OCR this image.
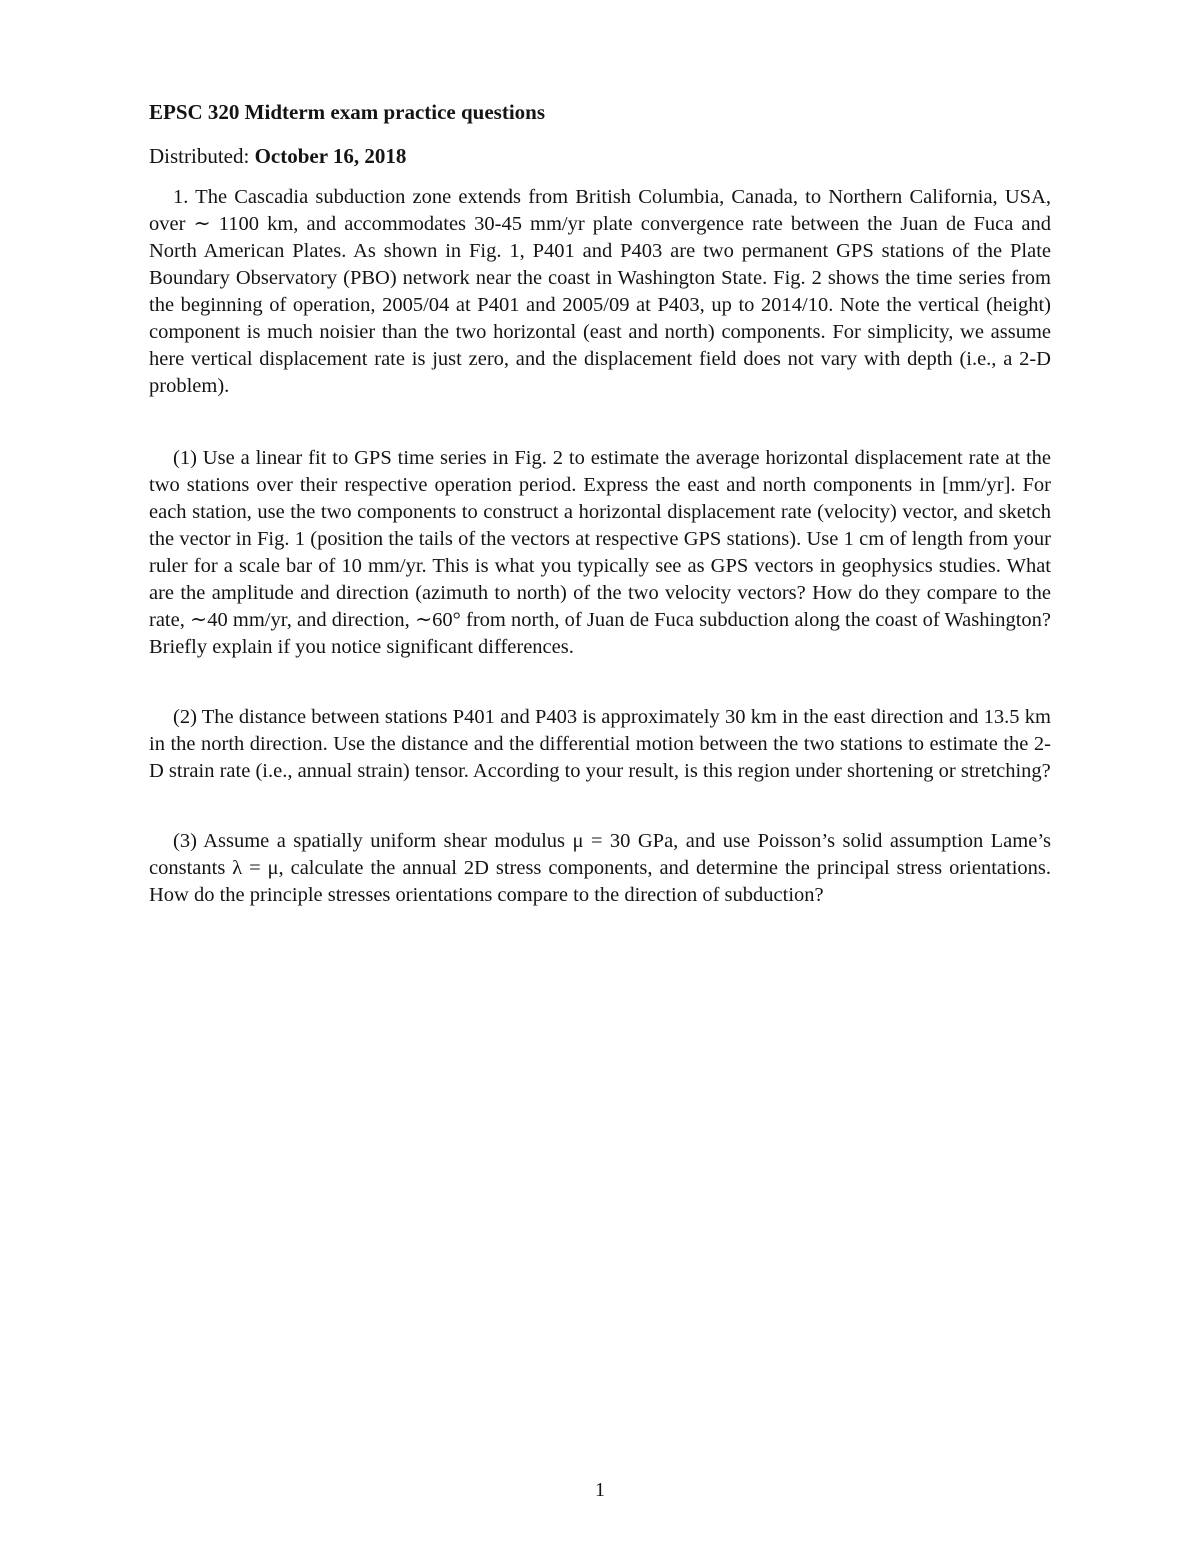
EPSC 320 Midterm exam practice questions
Distributed: October 16, 2018

1. The Cascadia subduction zone extends from British Columbia, Canada, to Northern California, USA, over ∼ 1100 km, and accommodates 30-45 mm/yr plate convergence rate between the Juan de Fuca and North American Plates. As shown in Fig. 1, P401 and P403 are two permanent GPS stations of the Plate Boundary Observatory (PBO) network near the coast in Washington State. Fig. 2 shows the time series from the beginning of operation, 2005/04 at P401 and 2005/09 at P403, up to 2014/10. Note the vertical (height) component is much noisier than the two horizontal (east and north) components. For simplicity, we assume here vertical displacement rate is just zero, and the displacement field does not vary with depth (i.e., a 2-D problem).

(1) Use a linear fit to GPS time series in Fig. 2 to estimate the average horizontal displacement rate at the two stations over their respective operation period. Express the east and north components in [mm/yr]. For each station, use the two components to construct a horizontal displacement rate (velocity) vector, and sketch the vector in Fig. 1 (position the tails of the vectors at respective GPS stations). Use 1 cm of length from your ruler for a scale bar of 10 mm/yr. This is what you typically see as GPS vectors in geophysics studies. What are the amplitude and direction (azimuth to north) of the two velocity vectors? How do they compare to the rate, ∼40 mm/yr, and direction, ∼60° from north, of Juan de Fuca subduction along the coast of Washington? Briefly explain if you notice significant differences.

(2) The distance between stations P401 and P403 is approximately 30 km in the east direction and 13.5 km in the north direction. Use the distance and the differential motion between the two stations to estimate the 2-D strain rate (i.e., annual strain) tensor. According to your result, is this region under shortening or stretching?

(3) Assume a spatially uniform shear modulus μ = 30 GPa, and use Poisson’s solid assumption Lame’s constants λ = μ, calculate the annual 2D stress components, and determine the principal stress orientations. How do the principle stresses orientations compare to the direction of subduction?

1
